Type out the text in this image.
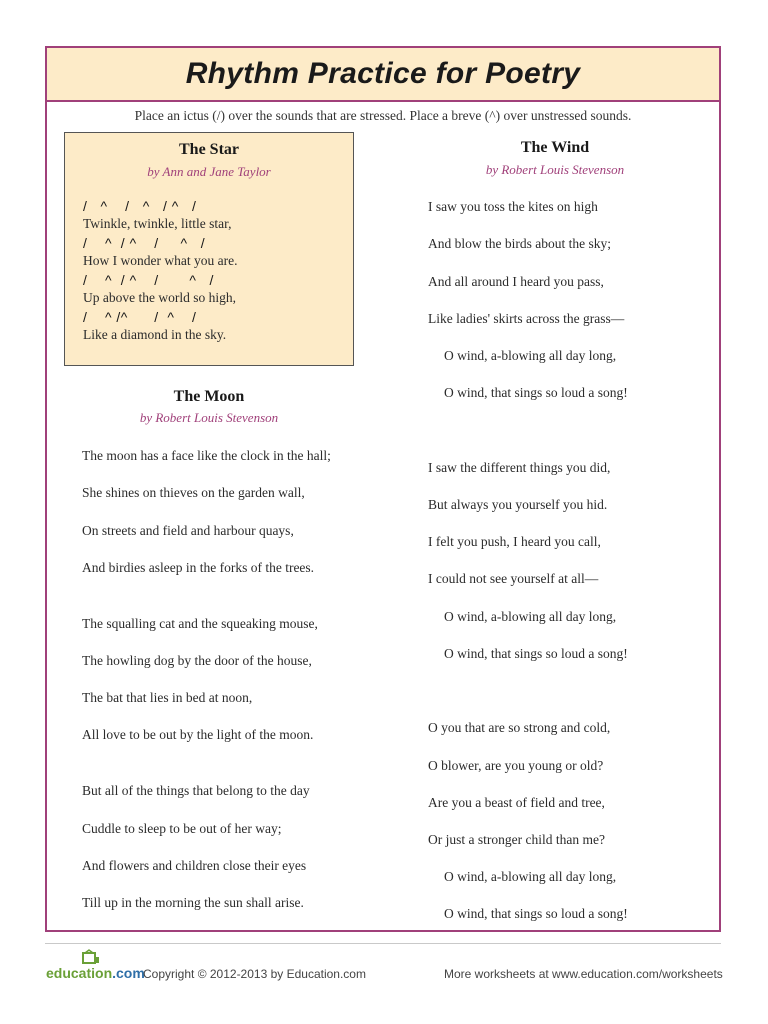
Rhythm Practice for Poetry
Place an ictus (/) over the sounds that are stressed. Place a breve (^) over unstressed sounds.
The Star
by Ann and Jane Taylor
/   ^    /   ^   / ^   /
Twinkle, twinkle, little star,
/    ^  / ^    /     ^   /
How I wonder what you are.
/    ^  / ^    /       ^   /
Up above the world so high,
/    ^ /^      /  ^    /
Like a diamond in the sky.
The Moon
by Robert Louis Stevenson
The moon has a face like the clock in the hall;
She shines on thieves on the garden wall,
On streets and field and harbour quays,
And birdies asleep in the forks of the trees.
The squalling cat and the squeaking mouse,
The howling dog by the door of the house,
The bat that lies in bed at noon,
All love to be out by the light of the moon.
But all of the things that belong to the day
Cuddle to sleep to be out of her way;
And flowers and children close their eyes
Till up in the morning the sun shall arise.
The Wind
by Robert Louis Stevenson
I saw you toss the kites on high
And blow the birds about the sky;
And all around I heard you pass,
Like ladies' skirts across the grass—
O wind, a-blowing all day long,
O wind, that sings so loud a song!
I saw the different things you did,
But always you yourself you hid.
I felt you push, I heard you call,
I could not see yourself at all—
O wind, a-blowing all day long,
O wind, that sings so loud a song!
O you that are so strong and cold,
O blower, are you young or old?
Are you a beast of field and tree,
Or just a stronger child than me?
O wind, a-blowing all day long,
O wind, that sings so loud a song!
education.com
Copyright © 2012-2013 by Education.com	More worksheets at www.education.com/worksheets
